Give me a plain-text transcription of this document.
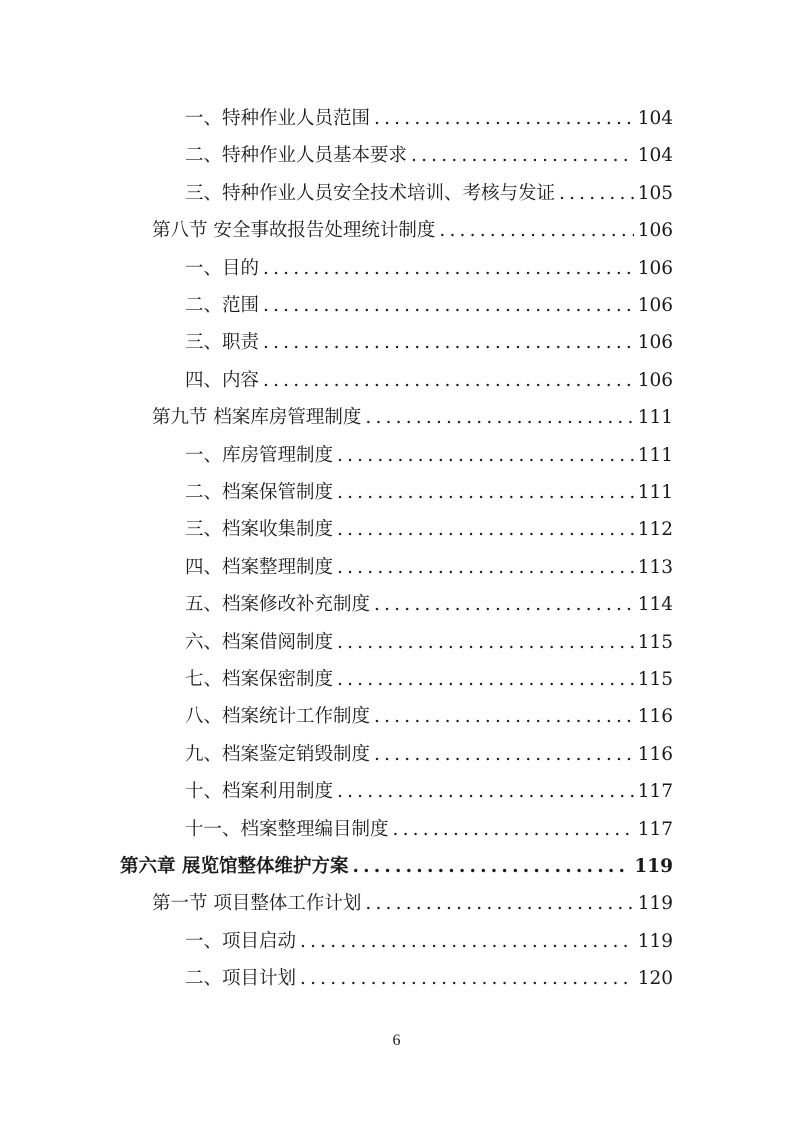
一、特种作业人员范围 .....	104
二、特种作业人员基本要求 .....	104
三、特种作业人员安全技术培训、考核与发证 .....	105
第八节 安全事故报告处理统计制度 .....	106
一、目的 .....	106
二、范围 .....	106
三、职责 .....	106
四、内容 .....	106
第九节 档案库房管理制度 .....	111
一、库房管理制度 .....	111
二、档案保管制度 .....	111
三、档案收集制度 .....	112
四、档案整理制度 .....	113
五、档案修改补充制度 .....	114
六、档案借阅制度 .....	115
七、档案保密制度 .....	115
八、档案统计工作制度 .....	116
九、档案鉴定销毁制度 .....	116
十、档案利用制度 .....	117
十一、档案整理编目制度 .....	117
第六章 展览馆整体维护方案 .....	119
第一节 项目整体工作计划 .....	119
一、项目启动 .....	119
二、项目计划 .....	120
6
